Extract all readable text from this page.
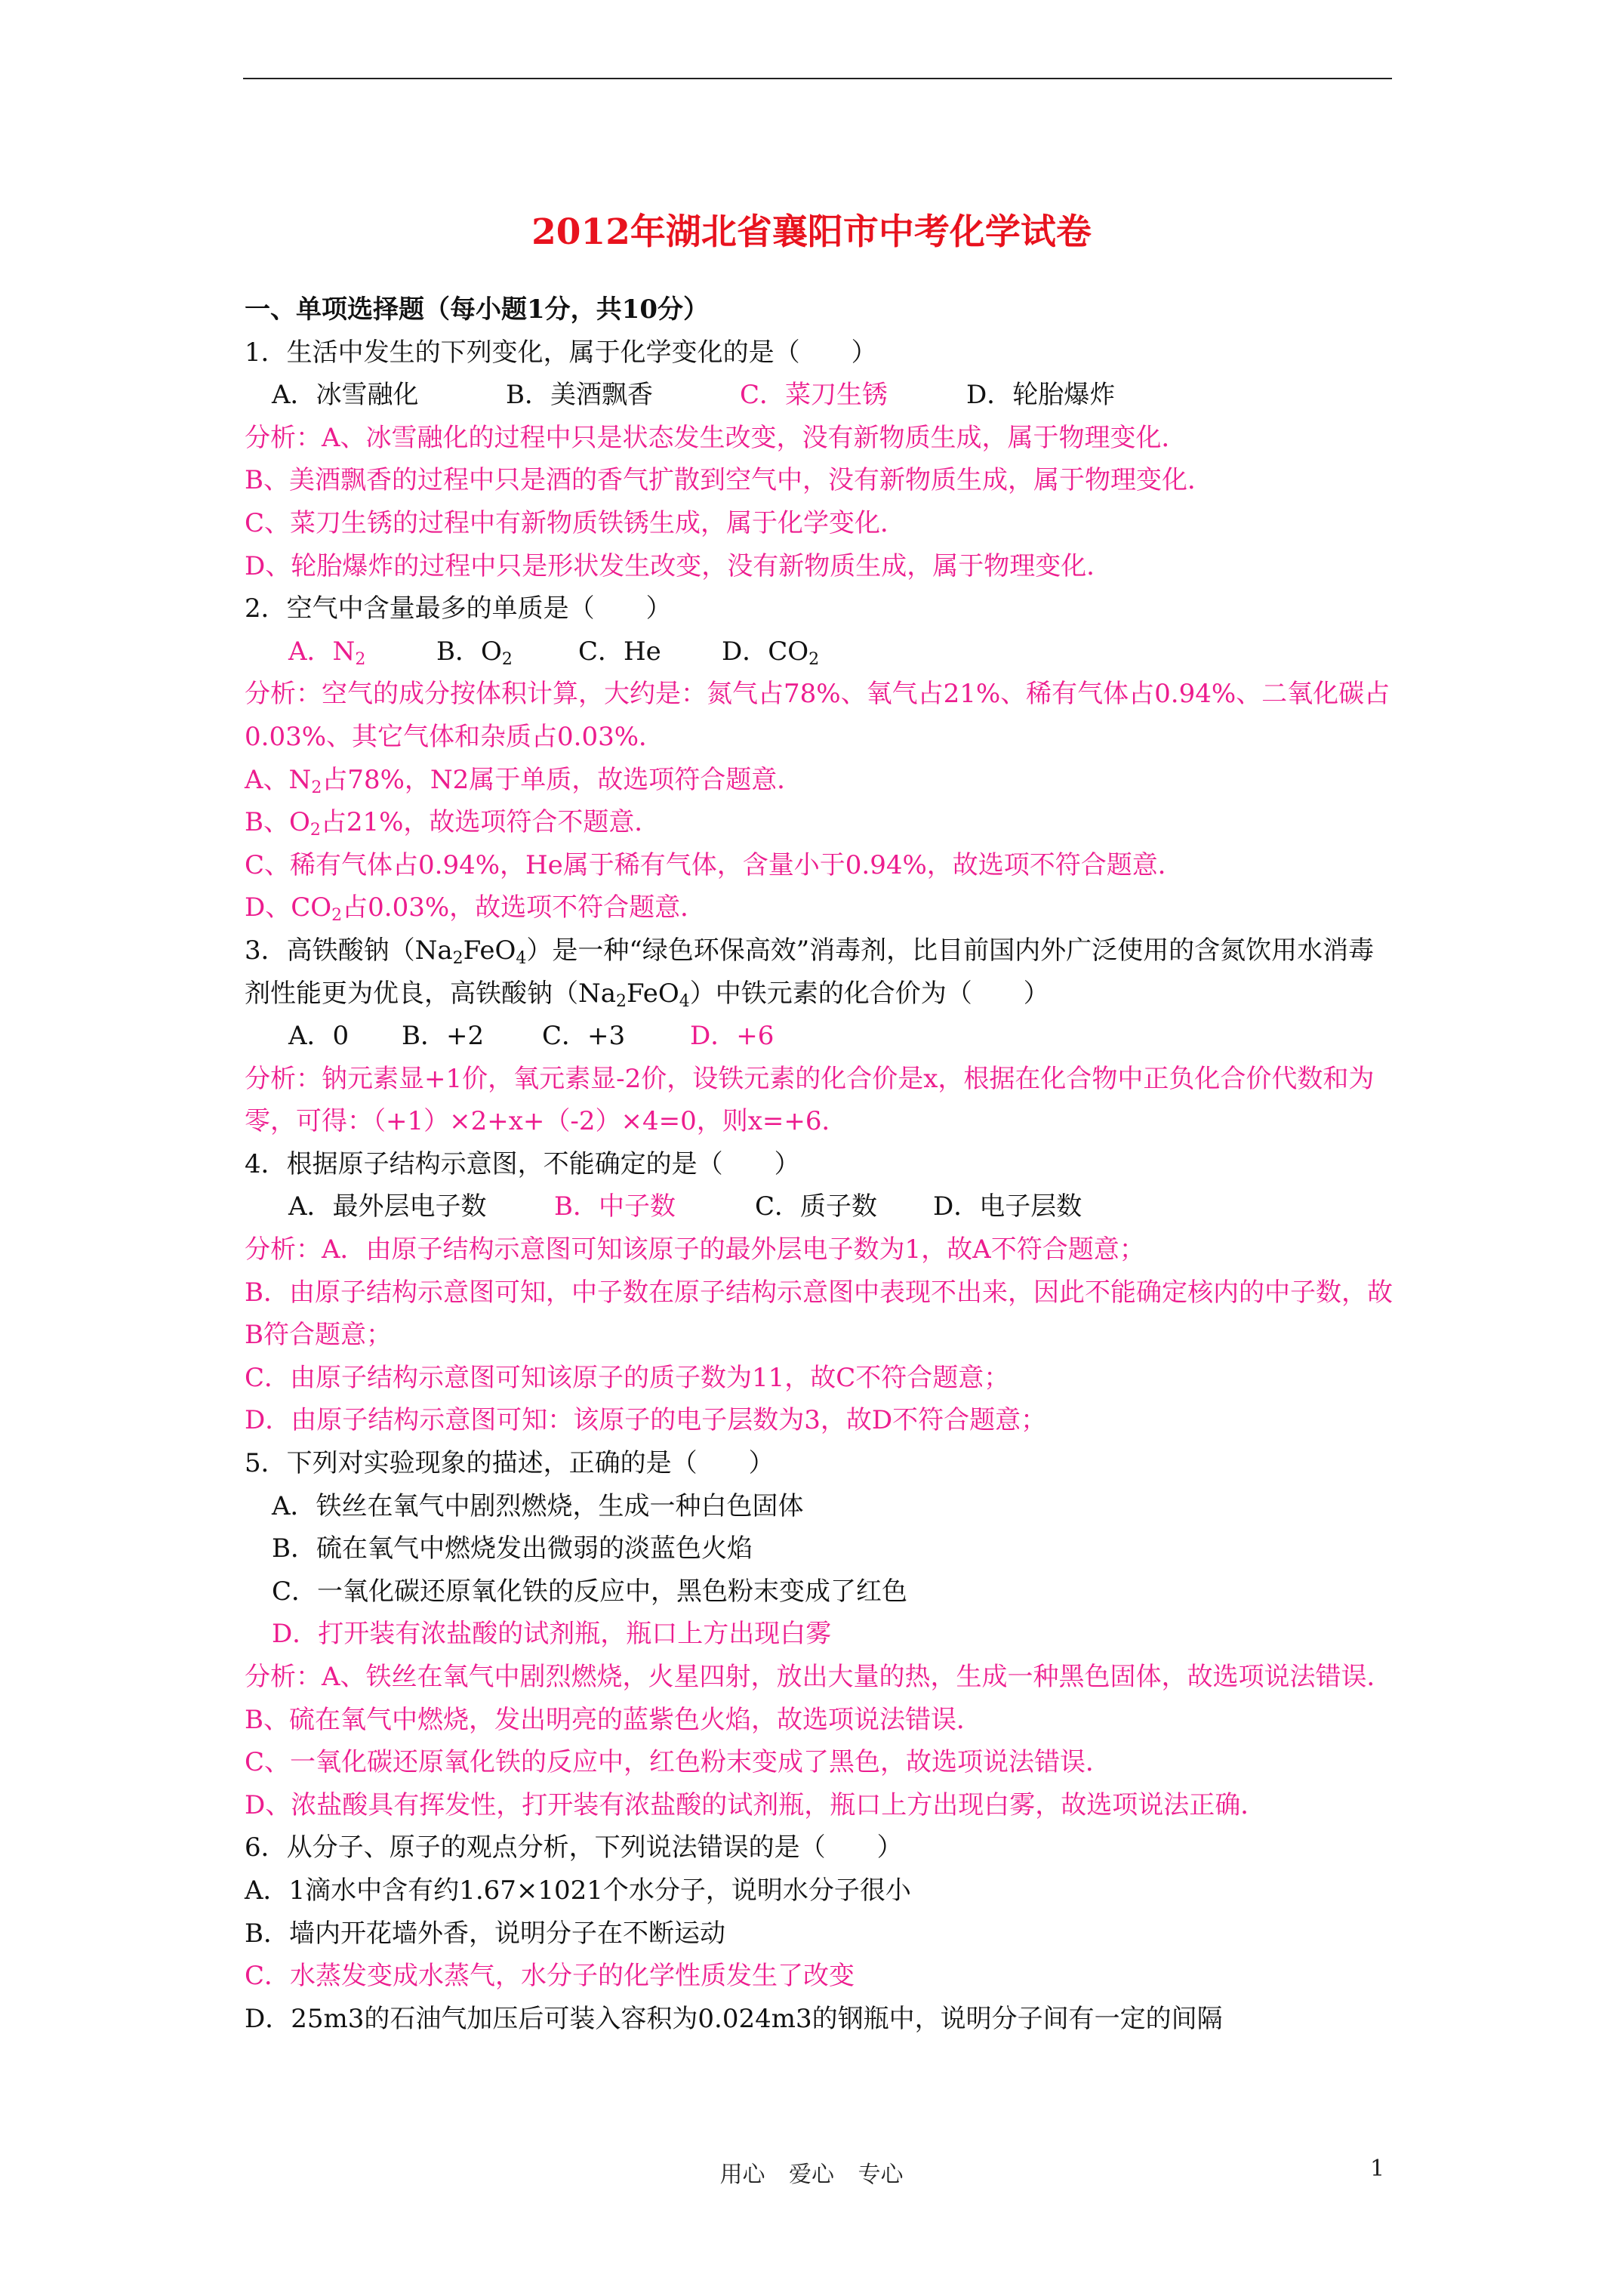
2012年湖北省襄阳市中考化学试卷
一、单项选择题（每小题1分，共10分）
1．生活中发生的下列变化，属于化学变化的是（　　）
A．冰雪融化	B．美酒飘香	C．菜刀生锈	D．轮胎爆炸
分析：A、冰雪融化的过程中只是状态发生改变，没有新物质生成，属于物理变化．
B、美酒飘香的过程中只是酒的香气扩散到空气中，没有新物质生成，属于物理变化．
C、菜刀生锈的过程中有新物质铁锈生成，属于化学变化．
D、轮胎爆炸的过程中只是形状发生改变，没有新物质生成，属于物理变化．
2．空气中含量最多的单质是（　　）
A．$N_2$	B．$O_2$	C．He D．$CO_2$
分析：空气的成分按体积计算，大约是：氮气占78%、氧气占21%、稀有气体占0.94%、二氧化碳占0.03%、其它气体和杂质占0.03%．
A、$N_2$占78%，N2属于单质，故选项符合题意．
B、$O_2$占21%，故选项符合不题意．
C、稀有气体占0.94%，He属于稀有气体，含量小于0.94%，故选项不符合题意．
D、$CO_2$占0.03%，故选项不符合题意．
3．高铁酸钠$(Na_2FeO_4)$是一种“绿色环保高效”消毒剂，比目前国内外广泛使用的含氮饮用水消毒剂性能更为优良，高铁酸钠$(Na_2FeO_4)$中铁元素的化合价为（　　）
A．0 B．+2 C．+3	D．+6
分析：钠元素显+1价，氧元素显-2价，设铁元素的化合价是x，根据在化合物中正负化合价代数和为零，可得：（+1）×2+x+（-2）×4=0，则x=+6．
4．根据原子结构示意图，不能确定的是（　　）
A．最外层电子数	B．中子数	C．质子数 D．电子层数
分析：A．由原子结构示意图可知该原子的最外层电子数为1，故A不符合题意；
B．由原子结构示意图可知，中子数在原子结构示意图中表现不出来，因此不能确定核内的中子数，故B符合题意；
C．由原子结构示意图可知该原子的质子数为11，故C不符合题意；
D．由原子结构示意图可知：该原子的电子层数为3，故D不符合题意；
5．下列对实验现象的描述，正确的是（　　）
A．铁丝在氧气中剧烈燃烧，生成一种白色固体
B．硫在氧气中燃烧发出微弱的淡蓝色火焰
C．一氧化碳还原氧化铁的反应中，黑色粉末变成了红色
D．打开装有浓盐酸的试剂瓶，瓶口上方出现白雾
分析：A、铁丝在氧气中剧烈燃烧，火星四射，放出大量的热，生成一种黑色固体，故选项说法错误．
B、硫在氧气中燃烧，发出明亮的蓝紫色火焰，故选项说法错误．
C、一氧化碳还原氧化铁的反应中，红色粉末变成了黑色，故选项说法错误．
D、浓盐酸具有挥发性，打开装有浓盐酸的试剂瓶，瓶口上方出现白雾，故选项说法正确．
6．从分子、原子的观点分析，下列说法错误的是（　　）
A．1滴水中含有约1.67×1021个水分子，说明水分子很小
B．墙内开花墙外香，说明分子在不断运动
C．水蒸发变成水蒸气，水分子的化学性质发生了改变
D．25m3的石油气加压后可装入容积为0.024m3的钢瓶中，说明分子间有一定的间隔
用心 爱心 专心	1
